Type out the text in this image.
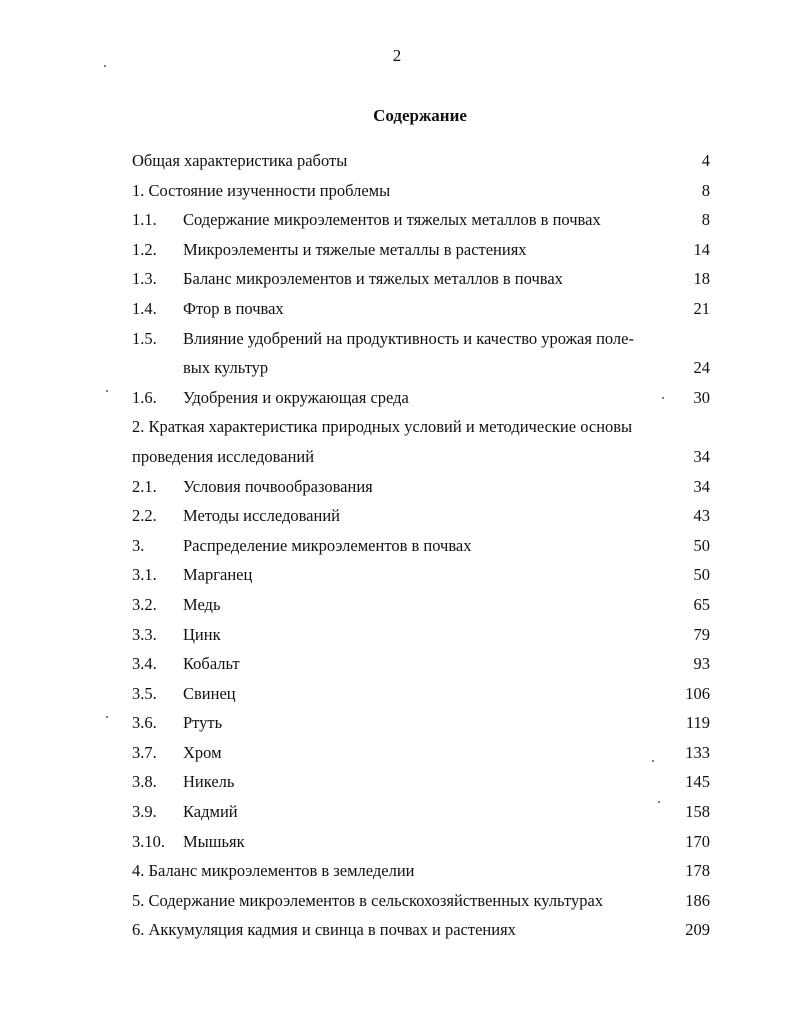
2
Содержание
Общая характеристика работы	4
1. Состояние изученности проблемы	8
1.1. Содержание микроэлементов и тяжелых металлов в почвах	8
1.2. Микроэлементы и тяжелые металлы в растениях	14
1.3. Баланс микроэлементов и тяжелых металлов в почвах	18
1.4. Фтор в почвах	21
1.5. Влияние удобрений на продуктивность и качество урожая поле-
вых культур	24
1.6. Удобрения и окружающая среда	30
2. Краткая характеристика природных условий и методические основы
проведения исследований	34
2.1. Условия почвообразования	34
2.2. Методы исследований	43
3. Распределение микроэлементов в почвах	50
3.1. Марганец	50
3.2. Медь	65
3.3. Цинк	79
3.4. Кобальт	93
3.5. Свинец	106
3.6. Ртуть	119
3.7. Хром	133
3.8. Никель	145
3.9. Кадмий	158
3.10. Мышьяк	170
4. Баланс микроэлементов в земледелии	178
5. Содержание микроэлементов в сельскохозяйственных культурах	186
6. Аккумуляция кадмия и свинца в почвах и растениях	209
